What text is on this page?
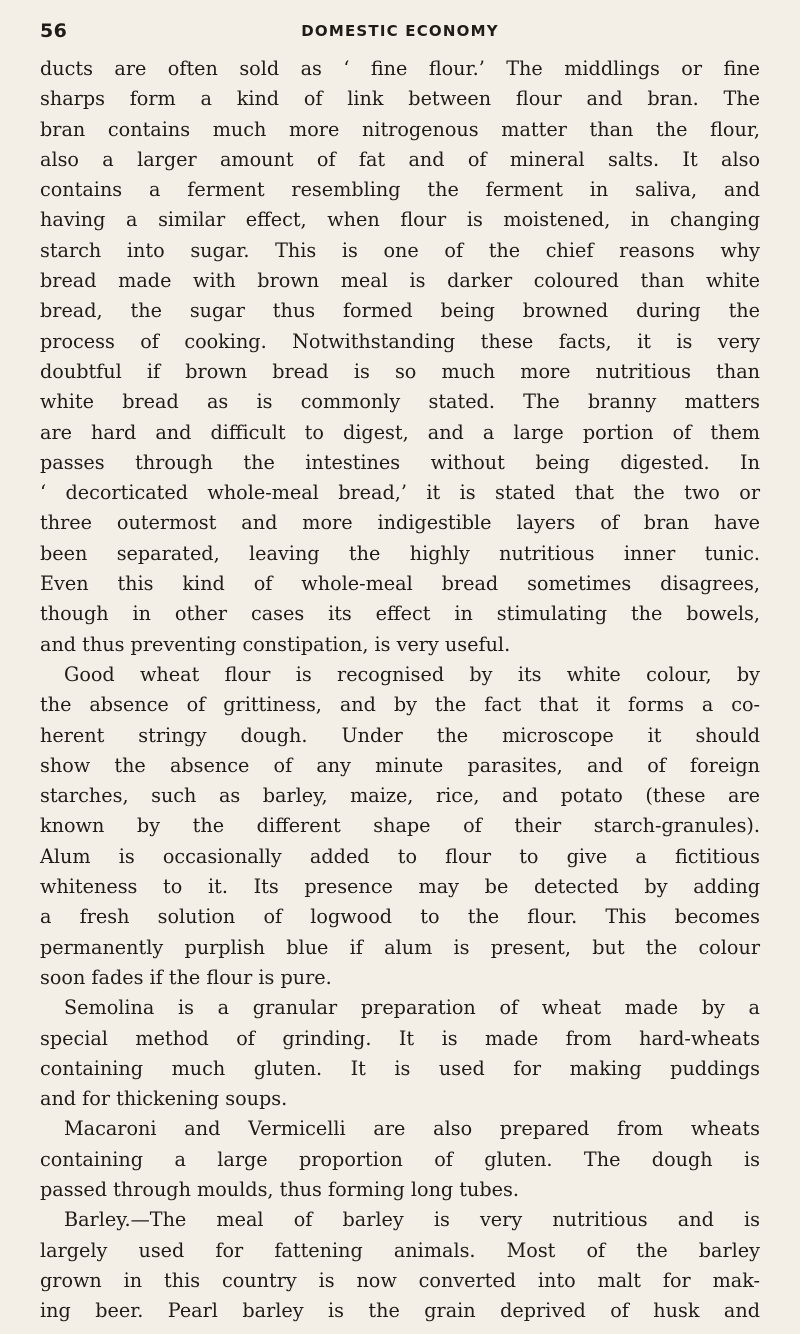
56	DOMESTIC ECONOMY
ducts are often sold as ‘ fine flour.’ The middlings or fine
sharps form a kind of link between flour and bran. The
bran contains much more nitrogenous matter than the flour,
also a larger amount of fat and of mineral salts. It also
contains a ferment resembling the ferment in saliva, and
having a similar effect, when flour is moistened, in changing
starch into sugar. This is one of the chief reasons why
bread made with brown meal is darker coloured than white
bread, the sugar thus formed being browned during the
process of cooking. Notwithstanding these facts, it is very
doubtful if brown bread is so much more nutritious than
white bread as is commonly stated. The branny matters
are hard and difficult to digest, and a large portion of them
passes through the intestines without being digested. In
‘ decorticated whole-meal bread,’ it is stated that the two or
three outermost and more indigestible layers of bran have
been separated, leaving the highly nutritious inner tunic.
Even this kind of whole-meal bread sometimes disagrees,
though in other cases its effect in stimulating the bowels,
and thus preventing constipation, is very useful.
Good wheat flour is recognised by its white colour, by
the absence of grittiness, and by the fact that it forms a co-
herent stringy dough. Under the microscope it should
show the absence of any minute parasites, and of foreign
starches, such as barley, maize, rice, and potato (these are
known by the different shape of their starch-granules).
Alum is occasionally added to flour to give a fictitious
whiteness to it. Its presence may be detected by adding
a fresh solution of logwood to the flour. This becomes
permanently purplish blue if alum is present, but the colour
soon fades if the flour is pure.
Semolina is a granular preparation of wheat made by a
special method of grinding. It is made from hard-wheats
containing much gluten. It is used for making puddings
and for thickening soups.
Macaroni and Vermicelli are also prepared from wheats
containing a large proportion of gluten. The dough is
passed through moulds, thus forming long tubes.
Barley.—The meal of barley is very nutritious and is
largely used for fattening animals. Most of the barley
grown in this country is now converted into malt for mak-
ing beer. Pearl barley is the grain deprived of husk and
